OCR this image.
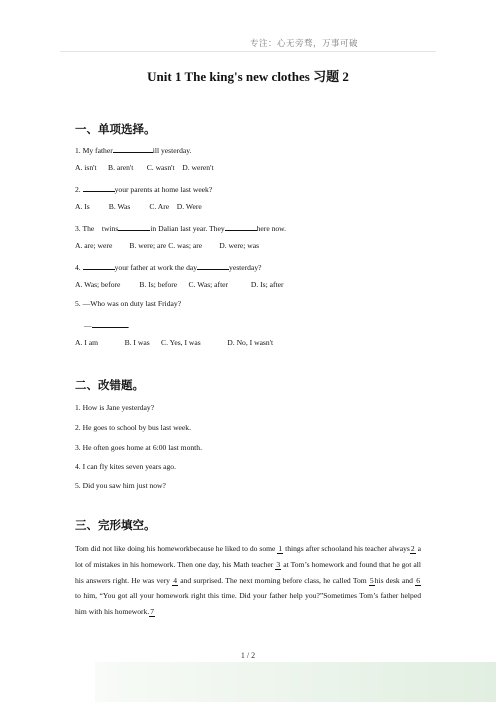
专注：心无旁骛，万事可破
Unit 1 The king's new clothes 习题 2
一、单项选择。
1. My father	ill yesterday.
A. isn't      B. aren't       C. wasn't    D. weren't
2.	your parents at home last week?
A. Is          B. Was          C. Are    D. Were
3. The    twins	in Dalian last year. They	here now.
A. are; were         B. were; are C. was; are         D. were; was
4.	your father at work the day	yesterday?
A. Was; before          B. Is; before      C. Was; after            D. Is; after
5. —Who was on duty last Friday?
—	.
A. I am              B. I was      C. Yes, I was              D. No, I wasn't
二、改错题。
1. How is Jane yesterday?
2. He goes to school by bus last week.
3. He often goes home at 6:00 last month.
4. I can fly kites seven years ago.
5. Did you saw him just now?
三、完形填空。
Tom did not like doing his homeworkbecause he liked to do some 1 things after schooland his teacher always2 a lot of mistakes in his homework. Then one day, his Math teacher 3 at Tom’s homework and found that he got all his answers right. He was very 4 and surprised. The next morning before class, he called Tom 5his desk and 6 to him, “You got all your homework right this time. Did your father help you?”Sometimes Tom’s father helped him with his homework.7
1 / 2
